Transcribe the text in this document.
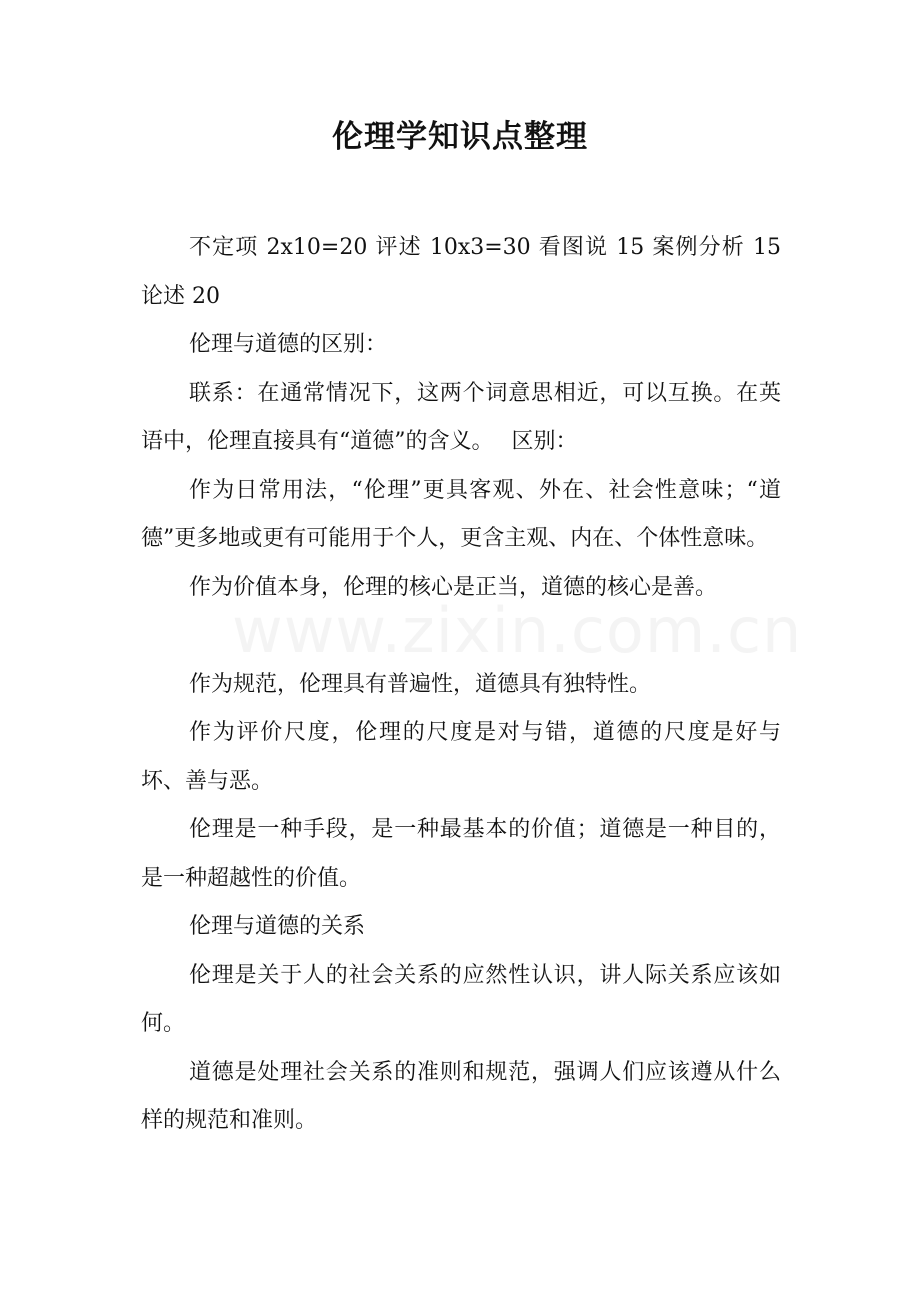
伦理学知识点整理

不定项 2x10=20 评述 10x3=30 看图说 15 案例分析 15 论述 20

伦理与道德的区别：

联系：在通常情况下，这两个词意思相近，可以互换。在英语中，伦理直接具有“道德”的含义。　 区别：

作为日常用法，“伦理”更具客观、外在、社会性意味；“道德”更多地或更有可能用于个人，更含主观、内在、个体性意味。

作为价值本身，伦理的核心是正当，道德的核心是善。

作为规范，伦理具有普遍性，道德具有独特性。

作为评价尺度，伦理的尺度是对与错，道德的尺度是好与坏、善与恶。

伦理是一种手段，是一种最基本的价值；道德是一种目的，是一种超越性的价值。

伦理与道德的关系

伦理是关于人的社会关系的应然性认识，讲人际关系应该如何。

道德是处理社会关系的准则和规范，强调人们应该遵从什么样的规范和准则。

www.zixin.com.cn
